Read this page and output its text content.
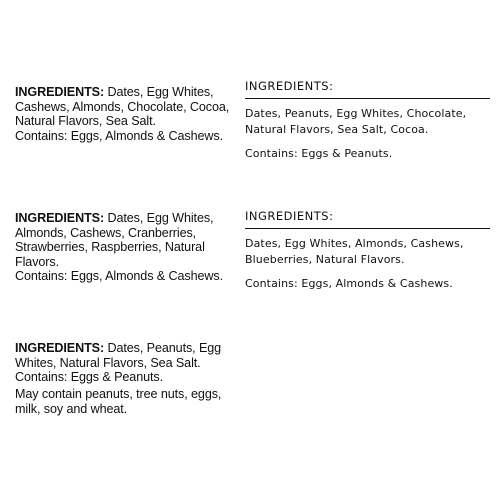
INGREDIENTS: Dates, Egg Whites, Cashews, Almonds, Chocolate, Cocoa, Natural Flavors, Sea Salt.

Contains: Eggs, Almonds & Cashews.

INGREDIENTS: Dates, Egg Whites, Almonds, Cashews, Cranberries, Strawberries, Raspberries, Natural Flavors.

Contains: Eggs, Almonds & Cashews.

INGREDIENTS: Dates, Peanuts, Egg Whites, Natural Flavors, Sea Salt.

Contains: Eggs & Peanuts.

May contain peanuts, tree nuts, eggs, milk, soy and wheat.

INGREDIENTS:

Dates, Peanuts, Egg Whites, Chocolate, Natural Flavors, Sea Salt, Cocoa.

Contains: Eggs & Peanuts.

INGREDIENTS:

Dates, Egg Whites, Almonds, Cashews, Blueberries, Natural Flavors.

Contains: Eggs, Almonds & Cashews.
